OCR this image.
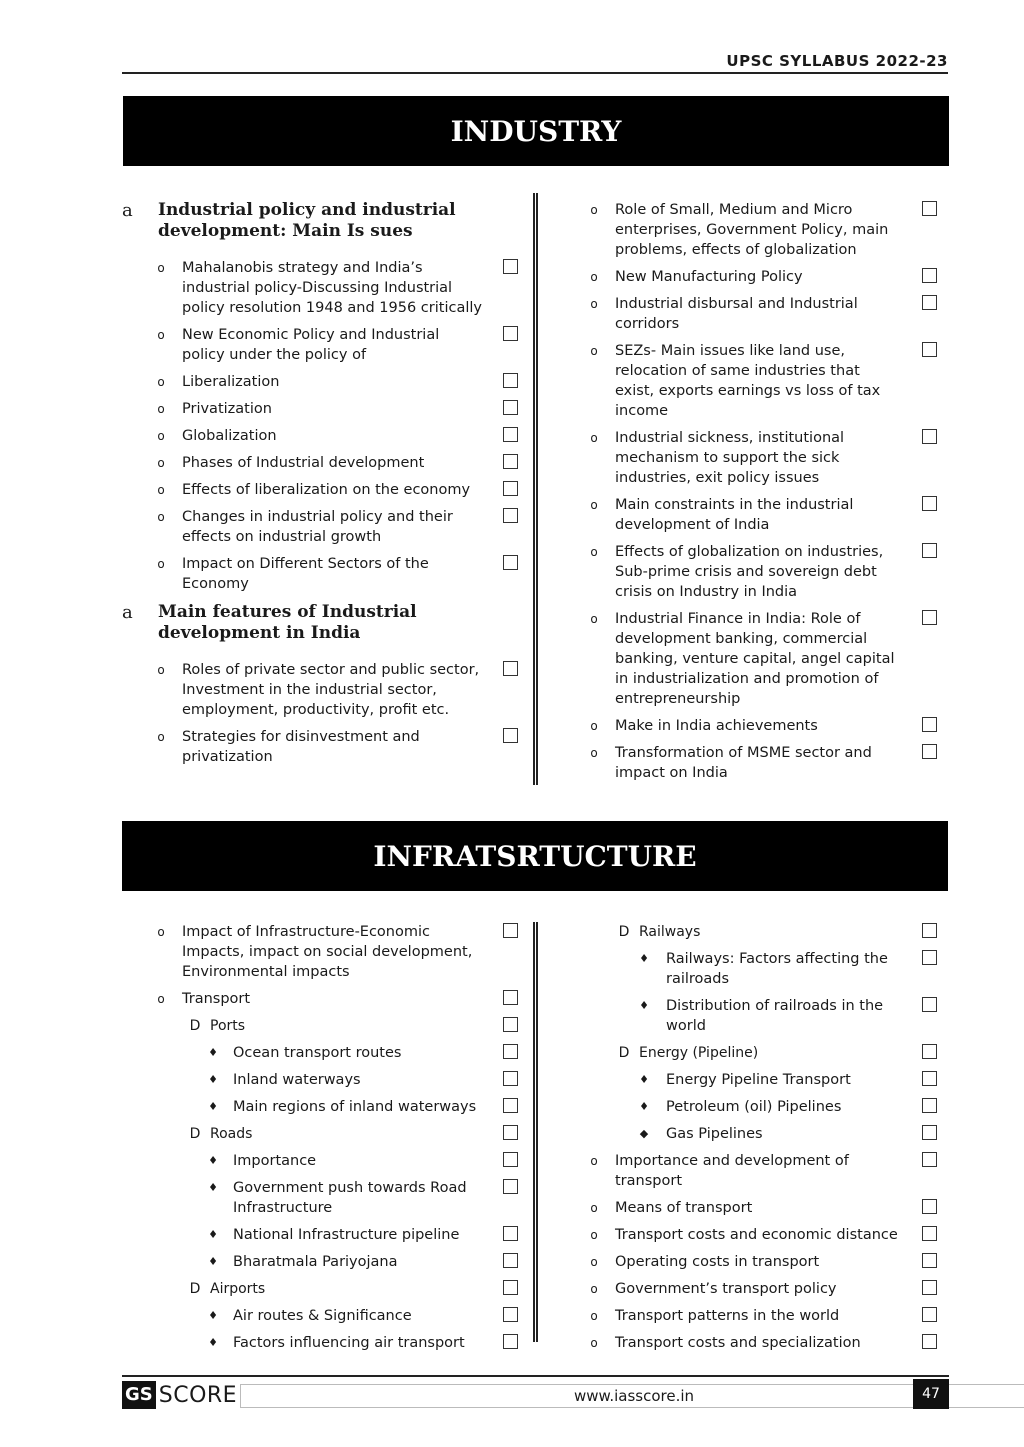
UPSC SYLLABUS 2022-23
INDUSTRY
a	Industrial policy and industrial development: Main Is sues
o	Mahalanobis strategy and India’s industrial policy-Discussing Industrial policy resolution 1948 and 1956 critically
o	New Economic Policy and Industrial policy under the policy of
o	Liberalization
o	Privatization
o	Globalization
o	Phases of Industrial development
o	Effects of liberalization on the economy
o	Changes in industrial policy and their effects on industrial growth
o	Impact on Different Sectors of the Economy
a	Main features of Industrial development in India
o	Roles of private sector and public sector, Investment in the industrial sector, employment, productivity, profit etc.
o	Strategies for disinvestment and privatization
o	Role of Small, Medium and Micro enterprises, Government Policy, main problems, effects of globalization
o	New Manufacturing Policy
o	Industrial disbursal and Industrial corridors
o	SEZs- Main issues like land use, relocation of same industries that exist, exports earnings vs loss of tax income
o	Industrial sickness, institutional mechanism to support the sick industries, exit policy issues
o	Main constraints in the industrial development of India
o	Effects of globalization on industries, Sub-prime crisis and sovereign debt crisis on Industry in India
o	Industrial Finance in India: Role of development banking, commercial banking, venture capital, angel capital in industrialization and promotion of entrepreneurship
o	Make in India achievements
o	Transformation of MSME sector and impact on India
INFRATSRTUCTURE
o	Impact of Infrastructure-Economic Impacts, impact on social development, Environmental impacts
o	Transport
D Ports
♦	Ocean transport routes
♦	Inland waterways
♦	Main regions of inland waterways
D Roads
♦	Importance
♦	Government push towards Road Infrastructure
♦	National Infrastructure pipeline
♦	Bharatmala Pariyojana
D Airports
♦	Air routes & Significance
♦	Factors influencing air transport
D Railways
♦	Railways: Factors affecting the railroads
♦	Distribution of railroads in the world
D Energy (Pipeline)
♦	Energy Pipeline Transport
♦	Petroleum (oil) Pipelines
◆	Gas Pipelines
o	Importance and development of transport
o	Means of transport
o	Transport costs and economic distance
o	Operating costs in transport
o	Government’s transport policy
o	Transport patterns in the world
o	Transport costs and specialization
GS SCORE	www.iasscore.in	47
